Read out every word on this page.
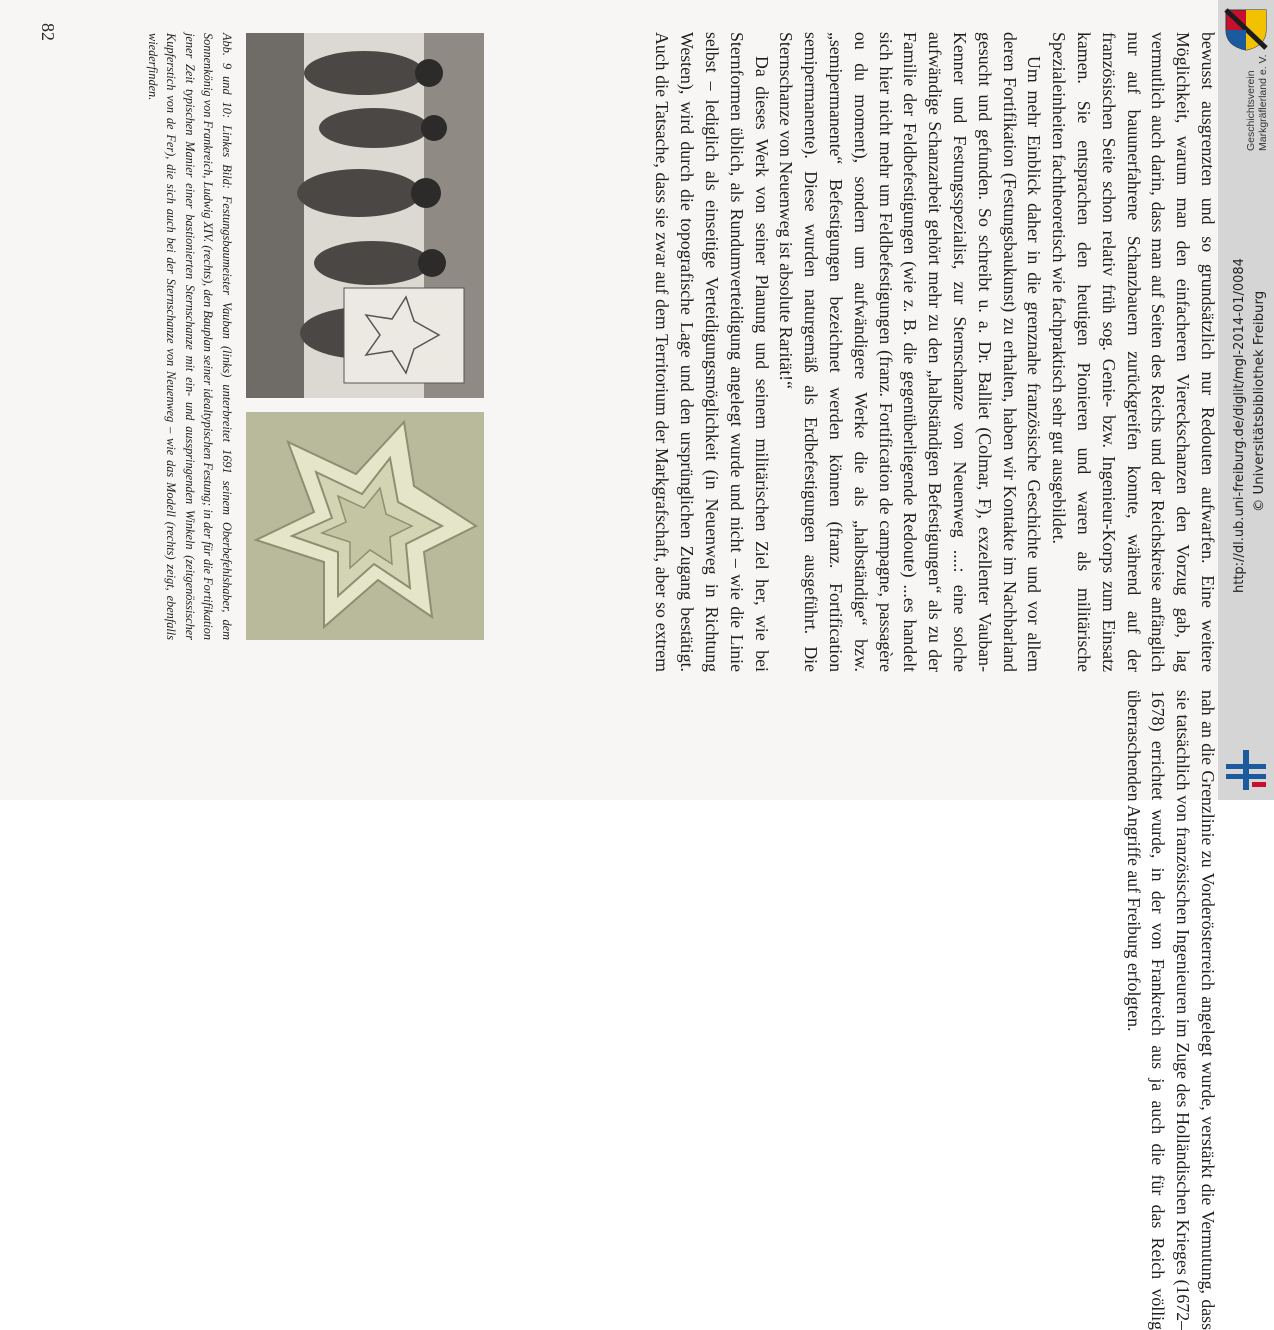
bewusst ausgrenzten und so grundsätzlich nur Redouten aufwarfen. Eine weitere Möglichkeit, warum man den einfacheren Viereckschanzen den Vorzug gab, lag vermutlich auch darin, dass man auf Seiten des Reichs und der Reichskreise anfänglich nur auf bauunerfahrene Schanzbauern zurückgreifen konnte, während auf der französischen Seite schon relativ früh sog. Genie- bzw. Ingenieur-Korps zum Einsatz kamen. Sie entsprachen den heutigen Pionieren und waren als militärische Spezialeinheiten fachtheoretisch wie fachpraktisch sehr gut ausgebildet.

Um mehr Einblick daher in die grenznahe französische Geschichte und vor allem deren Fortifikation (Festungsbaukunst) zu erhalten, haben wir Kontakte im Nachbarland gesucht und gefunden. So schreibt u. a. Dr. Balliet (Colmar, F), exzellenter Vauban-Kenner und Festungsspezialist, zur Sternschanze von Neuenweg ....: eine solche aufwändige Schanzarbeit gehört mehr zu den „halbständigen Befestigungen“ als zu der Familie der Feldbefestigungen (wie z. B. die gegenüberliegende Redoute) ...es handelt sich hier nicht mehr um Feldbefestigungen (franz. Fortification de campagne, passagère ou du moment), sondern um aufwändigere Werke die als „halbständige“ bzw. „semipermanente“ Befestigungen bezeichnet werden können (franz. Fortification semipermanente). Diese wurden naturgemäß als Erdbefestigungen ausgeführt. Die Sternschanze von Neuenweg ist absolute Rarität!“

Da dieses Werk von seiner Planung und seinem militärischen Ziel her, wie bei Sternformen üblich, als Rundumverteidigung angelegt wurde und nicht – wie die Linie selbst – lediglich als einseitige Verteidigungsmöglichkeit (in Neuenweg in Richtung Westen), wird durch die topografische Lage und den ursprünglichen Zugang bestätigt. Auch die Tatsache, dass sie zwar auf dem Territorium der Markgrafschaft, aber so extrem nah an die Grenzlinie zu Vorderösterreich angelegt wurde, verstärkt die Vermutung, dass sie tatsächlich von französischen Ingenieuren im Zuge des Holländischen Krieges (1672–1678) errichtet wurde, in der von Frankreich aus ja auch die für das Reich völlig überraschenden Angriffe auf Freiburg erfolgten.

Abb. 9 und 10: Linkes Bild: Festungsbaumeister Vauban (links) unterbreitet 1691 seinem Oberbefehlshaber, dem Sonnenkönig von Frankreich, Ludwig XIV. (rechts), den Bauplan seiner idealtypischen Festung; in der für die Fortifikation jener Zeit typischen Manier einer bastionierten Sternschanze mit ein- und ausspringenden Winkeln (zeitgenössischer Kupferstich von de Fer), die sich auch bei der Sternschanze von Neuenweg – wie das Modell (rechts) zeigt, ebenfalls wiederfinden.
82
Geschichtsverein Markgräflerland e. V.
http://dl.ub.uni-freiburg.de/diglit/mgl-2014-01/0084 © Universitätsbibliothek Freiburg
